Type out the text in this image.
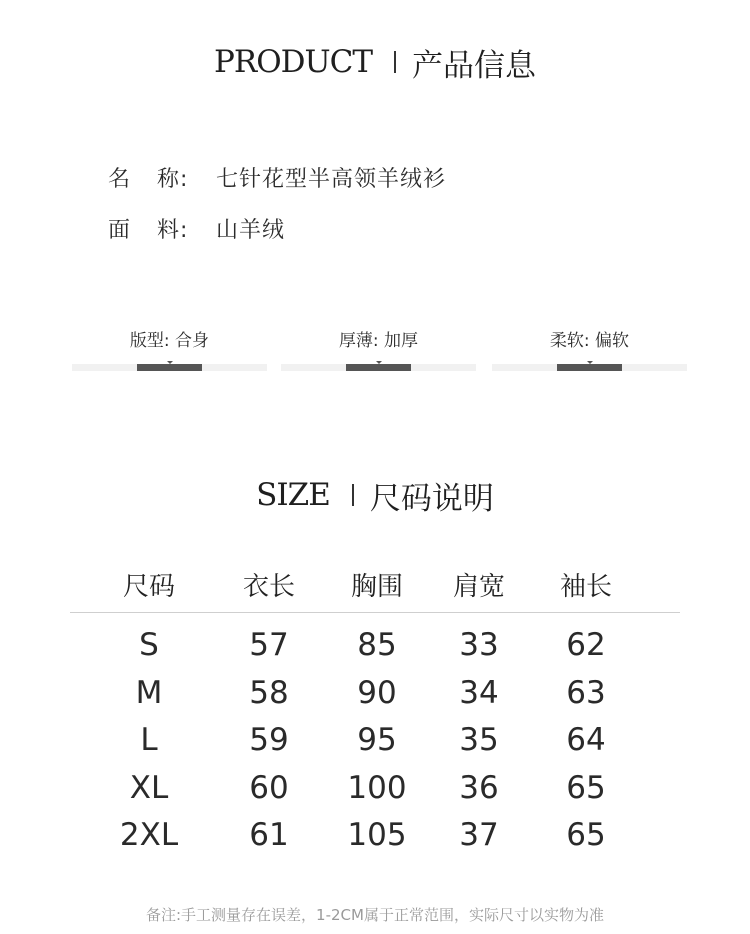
PRODUCT 产品信息
名 称:	七针花型半高领羊绒衫
面 料:	山羊绒
版型: 合身	厚薄: 加厚	柔软: 偏软
SIZE 尺码说明
尺码	衣长	胸围	肩宽	袖长
S	57	85	33	62
M	58	90	34	63
L	59	95	35	64
XL	60	100	36	65
2XL	61	105	37	65
备注:手工测量存在误差，1-2CM属于正常范围，实际尺寸以实物为准
